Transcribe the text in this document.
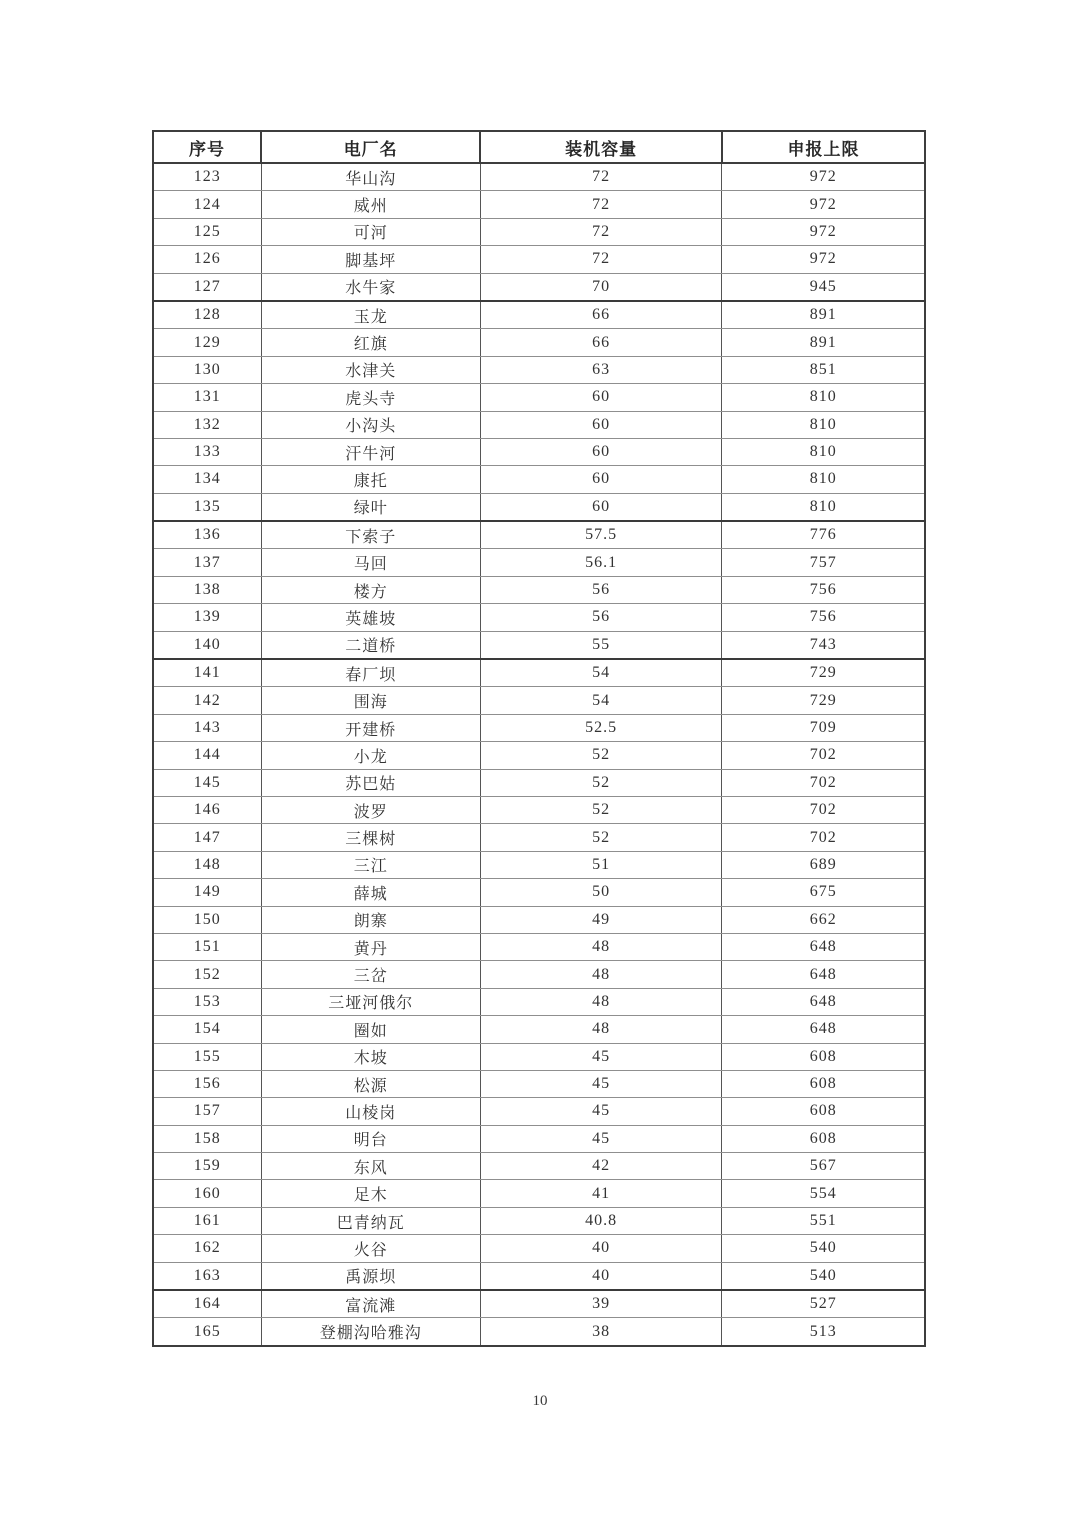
序号	电厂名	装机容量	申报上限
123	华山沟	72	972
124	威州	72	972
125	可河	72	972
126	脚基坪	72	972
127	水牛家	70	945
128	玉龙	66	891
129	红旗	66	891
130	水津关	63	851
131	虎头寺	60	810
132	小沟头	60	810
133	汗牛河	60	810
134	康托	60	810
135	绿叶	60	810
136	下索子	57.5	776
137	马回	56.1	757
138	楼方	56	756
139	英雄坡	56	756
140	二道桥	55	743
141	春厂坝	54	729
142	围海	54	729
143	开建桥	52.5	709
144	小龙	52	702
145	苏巴姑	52	702
146	波罗	52	702
147	三棵树	52	702
148	三江	51	689
149	薛城	50	675
150	朗寨	49	662
151	黄丹	48	648
152	三岔	48	648
153	三垭河俄尔	48	648
154	圈如	48	648
155	木坡	45	608
156	松源	45	608
157	山棱岗	45	608
158	明台	45	608
159	东风	42	567
160	足木	41	554
161	巴青纳瓦	40.8	551
162	火谷	40	540
163	禹源坝	40	540
164	富流滩	39	527
165	登棚沟哈雅沟	38	513
10
